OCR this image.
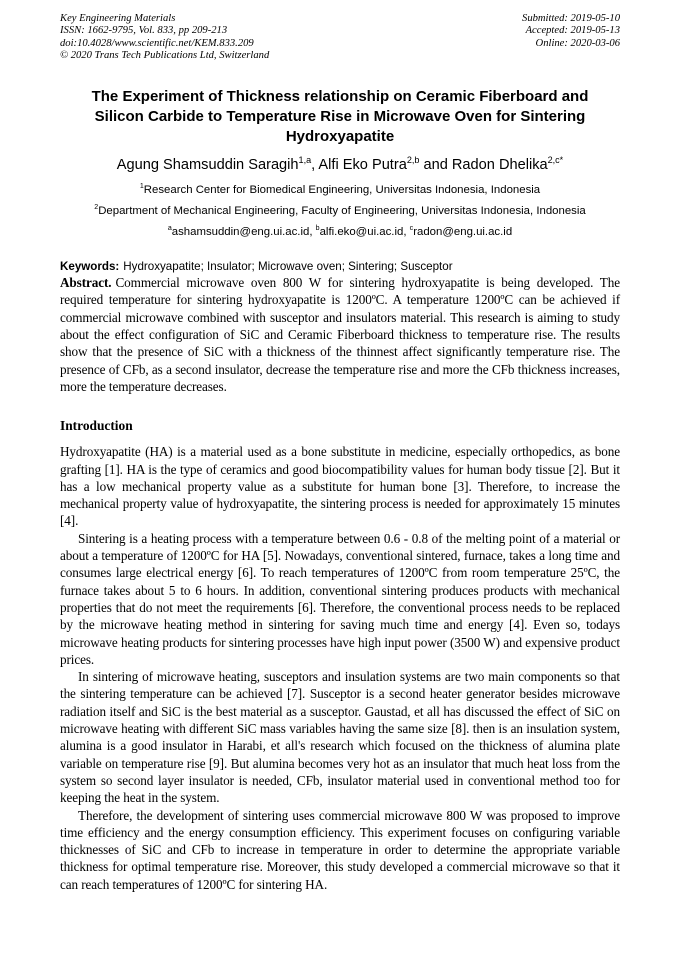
Key Engineering Materials
ISSN: 1662-9795, Vol. 833, pp 209-213
doi:10.4028/www.scientific.net/KEM.833.209
© 2020 Trans Tech Publications Ltd, Switzerland
Submitted: 2019-05-10
Accepted: 2019-05-13
Online: 2020-03-06
The Experiment of Thickness relationship on Ceramic Fiberboard and
Silicon Carbide to Temperature Rise in Microwave Oven for Sintering
Hydroxyapatite
Agung Shamsuddin Saragih$^{1,a}$, Alfi Eko Putra$^{2,b}$ and Radon Dhelika$^{2,c*}$
$^1$Research Center for Biomedical Engineering, Universitas Indonesia, Indonesia
$^2$Department of Mechanical Engineering, Faculty of Engineering, Universitas Indonesia, Indonesia
$^a$ashamsuddin@eng.ui.ac.id, $^b$alfi.eko@ui.ac.id, $^c$radon@eng.ui.ac.id
Keywords: Hydroxyapatite; Insulator; Microwave oven; Sintering; Susceptor

Abstract. Commercial microwave oven 800 W for sintering hydroxyapatite is being developed. The required temperature for sintering hydroxyapatite is 1200ºC. A temperature 1200ºC can be achieved if commercial microwave combined with susceptor and insulators material. This research is aiming to study about the effect configuration of SiC and Ceramic Fiberboard thickness to temperature rise. The results show that the presence of SiC with a thickness of the thinnest affect significantly temperature rise. The presence of CFb, as a second insulator, decrease the temperature rise and more the CFb thickness increases, more the temperature decreases.

Introduction

Hydroxyapatite (HA) is a material used as a bone substitute in medicine, especially orthopedics, as bone grafting [1]. HA is the type of ceramics and good biocompatibility values for human body tissue [2]. But it has a low mechanical property value as a substitute for human bone [3]. Therefore, to increase the mechanical property value of hydroxyapatite, the sintering process is needed for approximately 15 minutes [4].

Sintering is a heating process with a temperature between 0.6 - 0.8 of the melting point of a material or about a temperature of 1200ºC for HA [5]. Nowadays, conventional sintered, furnace, takes a long time and consumes large electrical energy [6]. To reach temperatures of 1200ºC from room temperature 25ºC, the furnace takes about 5 to 6 hours. In addition, conventional sintering produces products with mechanical properties that do not meet the requirements [6]. Therefore, the conventional process needs to be replaced by the microwave heating method in sintering for saving much time and energy [4]. Even so, todays microwave heating products for sintering processes have high input power (3500 W) and expensive product prices.

In sintering of microwave heating, susceptors and insulation systems are two main components so that the sintering temperature can be achieved [7]. Susceptor is a second heater generator besides microwave radiation itself and SiC is the best material as a susceptor. Gaustad, et all has discussed the effect of SiC on microwave heating with different SiC mass variables having the same size [8]. then is an insulation system, alumina is a good insulator in Harabi, et all's research which focused on the thickness of alumina plate variable on temperature rise [9]. But alumina becomes very hot as an insulator that much heat loss from the system so second layer insulator is needed, CFb, insulator material used in conventional method too for keeping the heat in the system.

Therefore, the development of sintering uses commercial microwave 800 W was proposed to improve time efficiency and the energy consumption efficiency. This experiment focuses on configuring variable thicknesses of SiC and CFb to increase in temperature in order to determine the appropriate variable thickness for optimal temperature rise. Moreover, this study developed a commercial microwave so that it can reach temperatures of 1200ºC for sintering HA.
